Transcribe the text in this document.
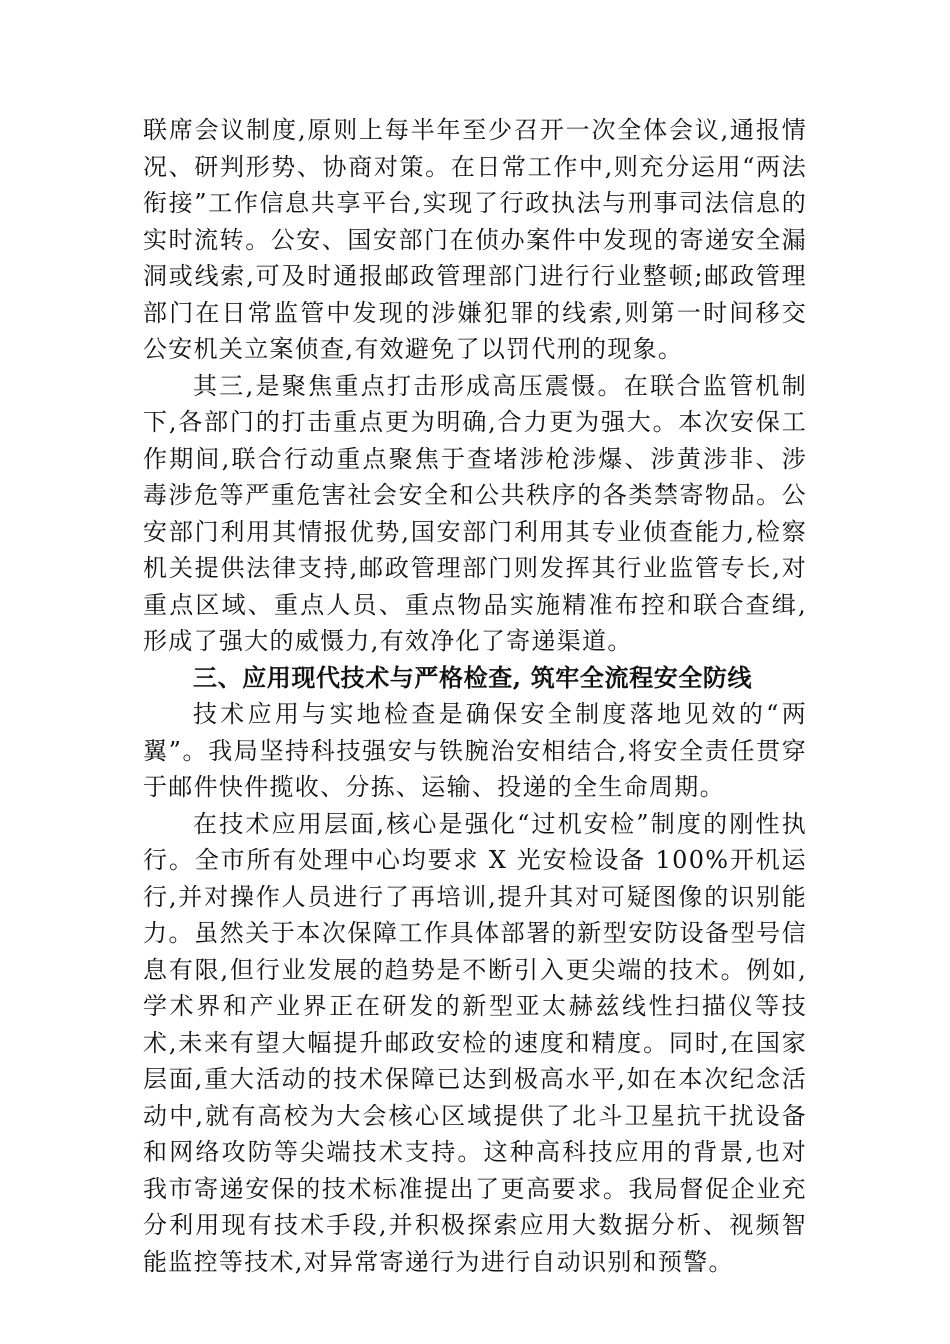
联席会议制度,原则上每半年至少召开一次全体会议,通报情况、研判形势、协商对策。在日常工作中,则充分运用“两法衔接”工作信息共享平台,实现了行政执法与刑事司法信息的实时流转。公安、国安部门在侦办案件中发现的寄递安全漏洞或线索,可及时通报邮政管理部门进行行业整顿;邮政管理部门在日常监管中发现的涉嫌犯罪的线索,则第一时间移交公安机关立案侦查,有效避免了以罚代刑的现象。

其三,是聚焦重点打击形成高压震慑。在联合监管机制下,各部门的打击重点更为明确,合力更为强大。本次安保工作期间,联合行动重点聚焦于查堵涉枪涉爆、涉黄涉非、涉毒涉危等严重危害社会安全和公共秩序的各类禁寄物品。公安部门利用其情报优势,国安部门利用其专业侦查能力,检察机关提供法律支持,邮政管理部门则发挥其行业监管专长,对重点区域、重点人员、重点物品实施精准布控和联合查缉,形成了强大的威慑力,有效净化了寄递渠道。

三、应用现代技术与严格检查, 筑牢全流程安全防线

技术应用与实地检查是确保安全制度落地见效的“两翼”。我局坚持科技强安与铁腕治安相结合,将安全责任贯穿于邮件快件揽收、分拣、运输、投递的全生命周期。

在技术应用层面,核心是强化“过机安检”制度的刚性执行。全市所有处理中心均要求 X 光安检设备 100%开机运行,并对操作人员进行了再培训,提升其对可疑图像的识别能力。虽然关于本次保障工作具体部署的新型安防设备型号信息有限,但行业发展的趋势是不断引入更尖端的技术。例如,学术界和产业界正在研发的新型亚太赫兹线性扫描仪等技术,未来有望大幅提升邮政安检的速度和精度。同时,在国家层面,重大活动的技术保障已达到极高水平,如在本次纪念活动中,就有高校为大会核心区域提供了北斗卫星抗干扰设备和网络攻防等尖端技术支持。这种高科技应用的背景,也对我市寄递安保的技术标准提出了更高要求。我局督促企业充分利用现有技术手段,并积极探索应用大数据分析、视频智能监控等技术,对异常寄递行为进行自动识别和预警。
